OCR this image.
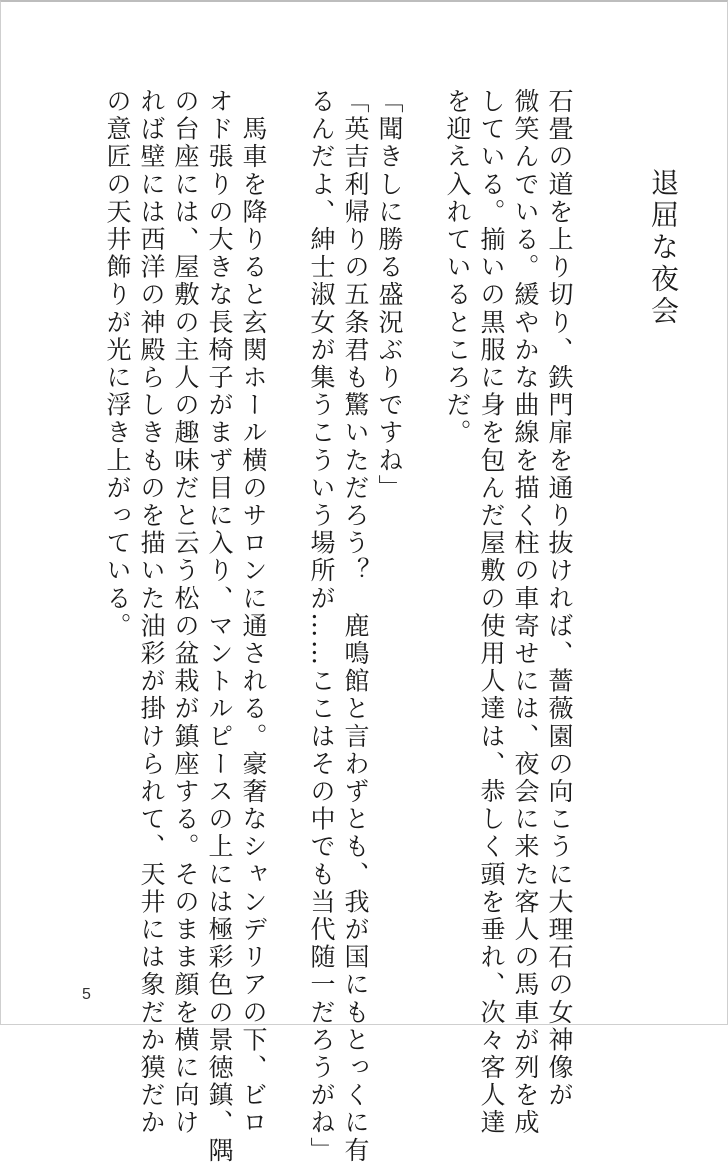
退屈な夜会
石畳の道を上り切り、鉄門扉を通り抜ければ、薔薇園の向こうに大理石の女神像が
微笑んでいる。緩やかな曲線を描く柱の車寄せには、夜会に来た客人の馬車が列を成
している。揃いの黒服に身を包んだ屋敷の使用人達は、恭しく頭を垂れ、次々客人達
を迎え入れているところだ。
「聞きしに勝る盛況ぶりですね」
「英吉利帰りの五条君も驚いただろう？　鹿鳴館と言わずとも、我が国にもとっくに有
るんだよ、紳士淑女が集うこういう場所が……ここはその中でも当代随一だろうがね」
　馬車を降りると玄関ホール横のサロンに通される。豪奢なシャンデリアの下、ビロ
オド張りの大きな長椅子がまず目に入り、マントルピースの上には極彩色の景徳鎮、隅
の台座には、屋敷の主人の趣味だと云う松の盆栽が鎮座する。そのまま顔を横に向け
れば壁には西洋の神殿らしきものを描いた油彩が掛けられて、天井には象だか獏だか
の意匠の天井飾りが光に浮き上がっている。
5
